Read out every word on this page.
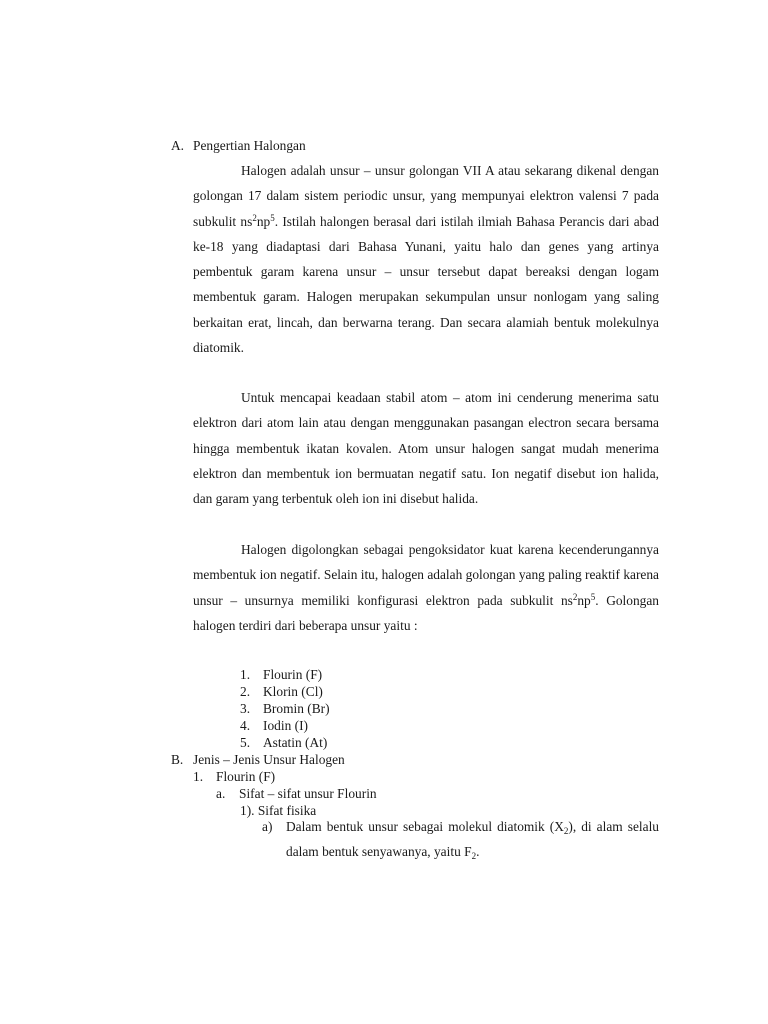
A. Pengertian Halongan

Halogen adalah unsur – unsur golongan VII A atau sekarang dikenal dengan golongan 17 dalam sistem periodic unsur, yang mempunyai elektron valensi 7 pada subkulit $ns^2np^5$. Istilah halongen berasal dari istilah ilmiah Bahasa Perancis dari abad ke-18 yang diadaptasi dari Bahasa Yunani, yaitu halo dan genes yang artinya pembentuk garam karena unsur – unsur tersebut dapat bereaksi dengan logam membentuk garam. Halogen merupakan sekumpulan unsur nonlogam yang saling berkaitan erat, lincah, dan berwarna terang. Dan secara alamiah bentuk molekulnya diatomik.

Untuk mencapai keadaan stabil atom – atom ini cenderung menerima satu elektron dari atom lain atau dengan menggunakan pasangan electron secara bersama hingga membentuk ikatan kovalen. Atom unsur halogen sangat mudah menerima elektron dan membentuk ion bermuatan negatif satu. Ion negatif disebut ion halida, dan garam yang terbentuk oleh ion ini disebut halida.

Halogen digolongkan sebagai pengoksidator kuat karena kecenderungannya membentuk ion negatif. Selain itu, halogen adalah golongan yang paling reaktif karena unsur – unsurnya memiliki konfigurasi elektron pada subkulit $ns^2np^5$. Golongan halogen terdiri dari beberapa unsur yaitu :

1. Flourin (F)
2. Klorin (Cl)
3. Bromin (Br)
4. Iodin (I)
5. Astatin (At)
B. Jenis – Jenis Unsur Halogen
1. Flourin (F)
a. Sifat – sifat unsur Flourin
1). Sifat fisika
a) Dalam bentuk unsur sebagai molekul diatomik $(X_2)$, di alam selalu dalam bentuk senyawanya, yaitu $F_2$.
